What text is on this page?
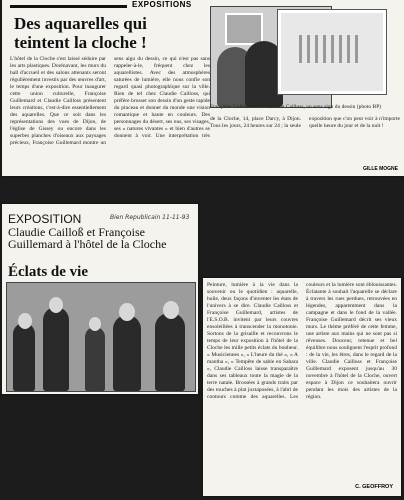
EXPOSITIONS
Des aquarelles qui teintent la cloche !
L'hôtel de la Cloche s'est laissé séduire par les arts plastiques. Dorénavant, les murs du hall d'accueil et des salons attenants seront régulièrement investis par des œuvres d'art, le temps d'une exposition. Pour inaugurer cette union culturelle, Françoise Guillemard et Claudie Cailloss présentent leurs créations, c'est-à-dire essentiellement des aquarelles. Que ce soit dans les représentations des vues de Dijon, de l'église de Gissey ou encore dans les superbes planches d'oiseaux aux paysages précieux, Françoise Guillemard montre un sens aigu du dessin, ce qui n'est pas sans rappeler-à-le, fréquent chez les aquarellistes. Avec des atmosphères saturées de lumière, elle nous confie son regard quasi photographique sur la ville. Rien de tel chez Claudie Cailloss, qui préfère brosser son dessin d'un geste rapide du pinceau et donner du monde une vision romantique et haute en couleurs. Des personnages du désert, ses nus, ses visages, ses « natures vivantes » et bien d'autres se donnent à voir. Une interprétation très
Françoise Guillemard et Claudine Cailloss, un sens aigu du dessin (photo BP)
de la Cloche, 14, place Darcy, à Dijon. Tous les jours, 24 heures sur 24 ; la seule exposition que c'on peut voir à n'importe quelle heure du jour et de la nuit !
GILLE MOGNE
EXPOSITION	Bien Republicain 11-11-93
Claudie Cailloß et Françoise Guillemard à l'hôtel de la Cloche
Éclats de vie
Peinture, lumière à la vie dans la souvenir ou le quotidien : aquarelle, huile, deux façons d'inventer les états de l'univers à se dire. Claudie Cailloss et Françoise Guillemard, artistes de l'E.S.O.B. invitent par leurs couvres ensoleillées à transcender la monotonie. Sortons de la grisaille et recouvrons le temps de leur exposition à l'hôtel de la Cloche les mille petits éclats du bonheur. « Musiciennes », « L'heure du thé », « A mantha », « Tempête de sable en Sahara », Claudie Cailloss laisse transparaître dans ses tableaux toute la magie de la terre natale. Brossées à grands traits par des touches à plat juxtaposées, à l'abri de contours comme des aquarelles. Les couleurs et la lumière sont éblouissantes. Éclatante à souhait l'aquarelle se déclare à travers les rues perdues, retrouvées en légendes, apparemment dans la campagne et dans le fond de la vallée. Françoise Guillemard décrit ses vieux murs. Le thème préféré de cette femme, une artiste aux mains qui ne sont pas si rêveuses. Douceur, retenue et bel équilibre nous soulignent l'esprit profond : de la vie, les êtres, dans le regard de la ville. Claudie Cailloss et Françoise Guillemard exposent jusqu'au 30 novembre à l'hôtel de la Cloche, ouvert espace à Dijon ce souhaitera ouvrir pendant les mois des artistes de la région.
C. GEOFFROY
